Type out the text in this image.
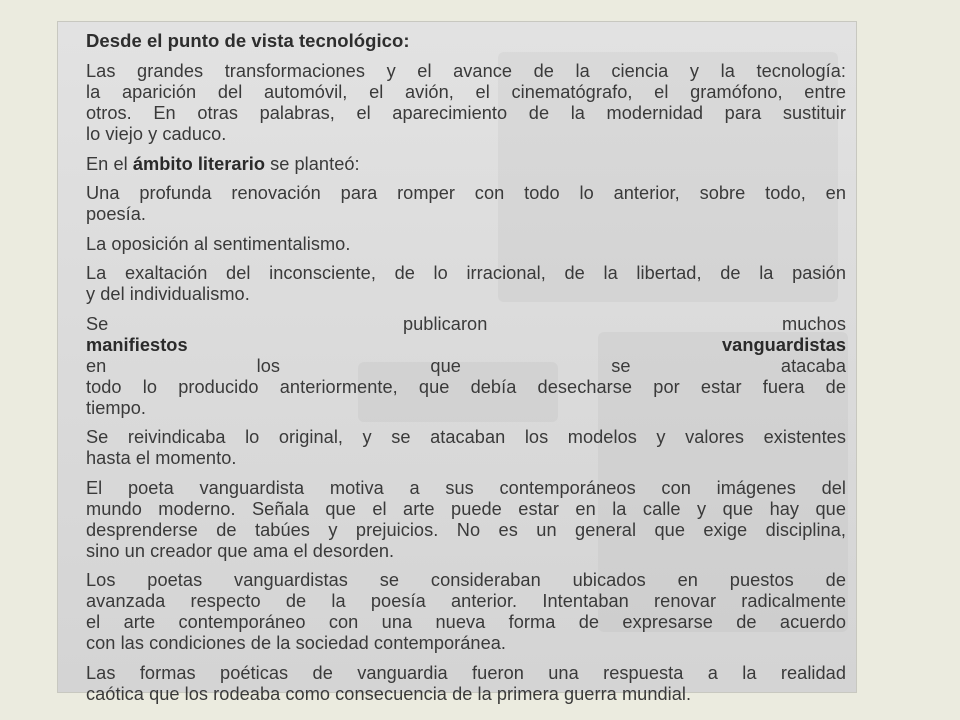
Desde el punto de vista tecnológico:

Las grandes transformaciones y el avance de la ciencia y la tecnología:
la aparición del automóvil, el avión, el cinematógrafo, el gramófono, entre
otros. En otras palabras, el aparecimiento de la modernidad para sustituir
lo viejo y caduco.

En el ámbito literario se planteó:

Una profunda renovación para romper con todo lo anterior, sobre todo, en
poesía.

La oposición al sentimentalismo.

La exaltación del inconsciente, de lo irracional, de la libertad, de la pasión
y del individualismo.

Se publicaron muchos
manifiestos vanguardistas
en los que se atacaba
todo lo producido anteriormente, que debía desecharse por estar fuera de
tiempo.

Se reivindicaba lo original, y se atacaban los modelos y valores existentes
hasta el momento.

El poeta vanguardista motiva a sus contemporáneos con imágenes del
mundo moderno. Señala que el arte puede estar en la calle y que hay que
desprenderse de tabúes y prejuicios. No es un general que exige disciplina,
sino un creador que ama el desorden.

Los poetas vanguardistas se consideraban ubicados en puestos de
avanzada respecto de la poesía anterior. Intentaban renovar radicalmente
el arte contemporáneo con una nueva forma de expresarse de acuerdo
con las condiciones de la sociedad contemporánea.

Las formas poéticas de vanguardia fueron una respuesta a la realidad
caótica que los rodeaba como consecuencia de la primera guerra mundial.
